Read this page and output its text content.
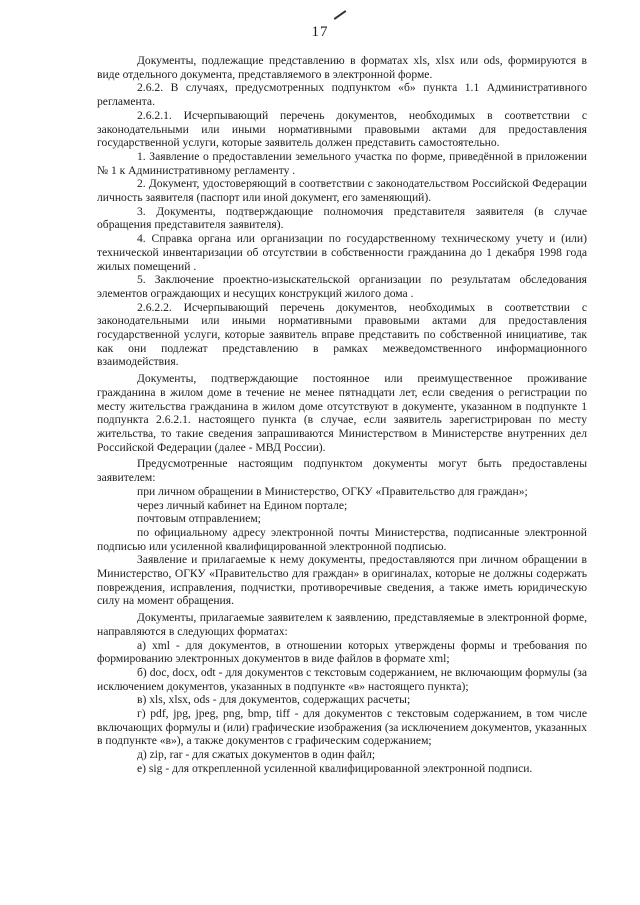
17

Документы, подлежащие представлению в форматах xls, xlsx или ods, формируются в виде отдельного документа, представляемого в электронной форме.

2.6.2. В случаях, предусмотренных подпунктом «б» пункта 1.1 Административного регламента.

2.6.2.1. Исчерпывающий перечень документов, необходимых в соответствии с законодательными или иными нормативными правовыми актами для предоставления государственной услуги, которые заявитель должен представить самостоятельно.

1. Заявление о предоставлении земельного участка по форме, приведённой в приложении № 1 к Административному регламенту .

2. Документ, удостоверяющий в соответствии с законодательством Российской Федерации личность заявителя (паспорт или иной документ, его заменяющий).

3. Документы, подтверждающие полномочия представителя заявителя (в случае обращения представителя заявителя).

4. Справка органа или организации по государственному техническому учету и (или) технической инвентаризации об отсутствии в собственности гражданина до 1 декабря 1998 года жилых помещений .

5. Заключение проектно-изыскательской организации по результатам обследования элементов ограждающих и несущих конструкций жилого дома .

2.6.2.2. Исчерпывающий перечень документов, необходимых в соответствии с законодательными или иными нормативными правовыми актами для предоставления государственной услуги, которые заявитель вправе представить по собственной инициативе, так как они подлежат представлению в рамках межведомственного информационного взаимодействия.

Документы, подтверждающие постоянное или преимущественное проживание гражданина в жилом доме в течение не менее пятнадцати лет, если сведения о регистрации по месту жительства гражданина в жилом доме отсутствуют в документе, указанном в подпункте 1 подпункта 2.6.2.1. настоящего пункта (в случае, если заявитель зарегистрирован по месту жительства, то такие сведения запрашиваются Министерством в Министерстве внутренних дел Российской Федерации (далее - МВД России).

Предусмотренные настоящим подпунктом документы могут быть предоставлены заявителем:

при личном обращении в Министерство, ОГКУ «Правительство для граждан»;

через личный кабинет на Едином портале;

почтовым отправлением;

по официальному адресу электронной почты Министерства, подписанные электронной подписью или усиленной квалифицированной электронной подписью.

Заявление и прилагаемые к нему документы, предоставляются при личном обращении в Министерство, ОГКУ «Правительство для граждан» в оригиналах, которые не должны содержать повреждения, исправления, подчистки, противоречивые сведения, а также иметь юридическую силу на момент обращения.

Документы, прилагаемые заявителем к заявлению, представляемые в электронной форме, направляются в следующих форматах:

а) xml - для документов, в отношении которых утверждены формы и требования по формированию электронных документов в виде файлов в формате xml;

б) doc, docx, odt - для документов с текстовым содержанием, не включающим формулы (за исключением документов, указанных в подпункте «в» настоящего пункта);

в) xls, xlsx, ods - для документов, содержащих расчеты;

г) pdf, jpg, jpeg, png, bmp, tiff - для документов с текстовым содержанием, в том числе включающих формулы и (или) графические изображения (за исключением документов, указанных в подпункте «в»), а также документов с графическим содержанием;

д) zip, rar - для сжатых документов в один файл;

е) sig - для открепленной усиленной квалифицированной электронной подписи.
